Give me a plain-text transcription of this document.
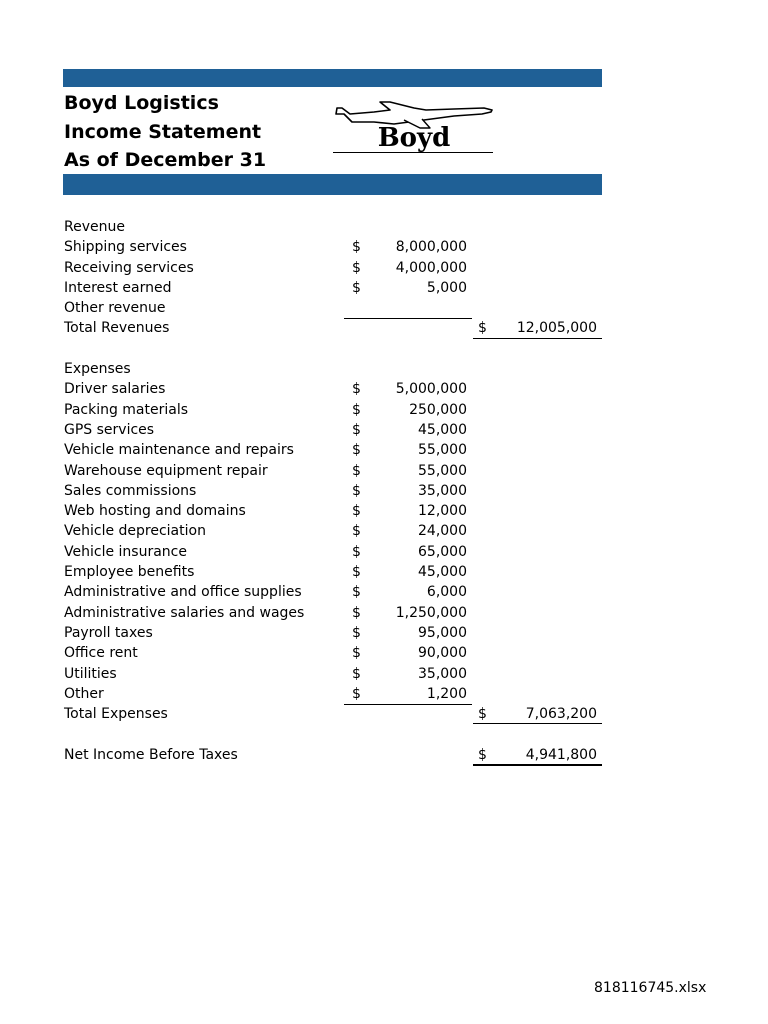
Boyd Logistics
Income Statement
As of December 31
Boyd
Revenue
Shipping services	$	8,000,000
Receiving services	$	4,000,000
Interest earned	$	5,000
Other revenue
Total Revenues	$	12,005,000
Expenses
Driver salaries	$	5,000,000
Packing materials	$	250,000
GPS services	$	45,000
Vehicle maintenance and repairs	$	55,000
Warehouse equipment repair	$	55,000
Sales commissions	$	35,000
Web hosting and domains	$	12,000
Vehicle depreciation	$	24,000
Vehicle insurance	$	65,000
Employee benefits	$	45,000
Administrative and office supplies	$	6,000
Administrative salaries and wages	$	1,250,000
Payroll taxes	$	95,000
Office rent	$	90,000
Utilities	$	35,000
Other	$	1,200
Total Expenses	$	7,063,200
Net Income Before Taxes	$	4,941,800
818116745.xlsx
